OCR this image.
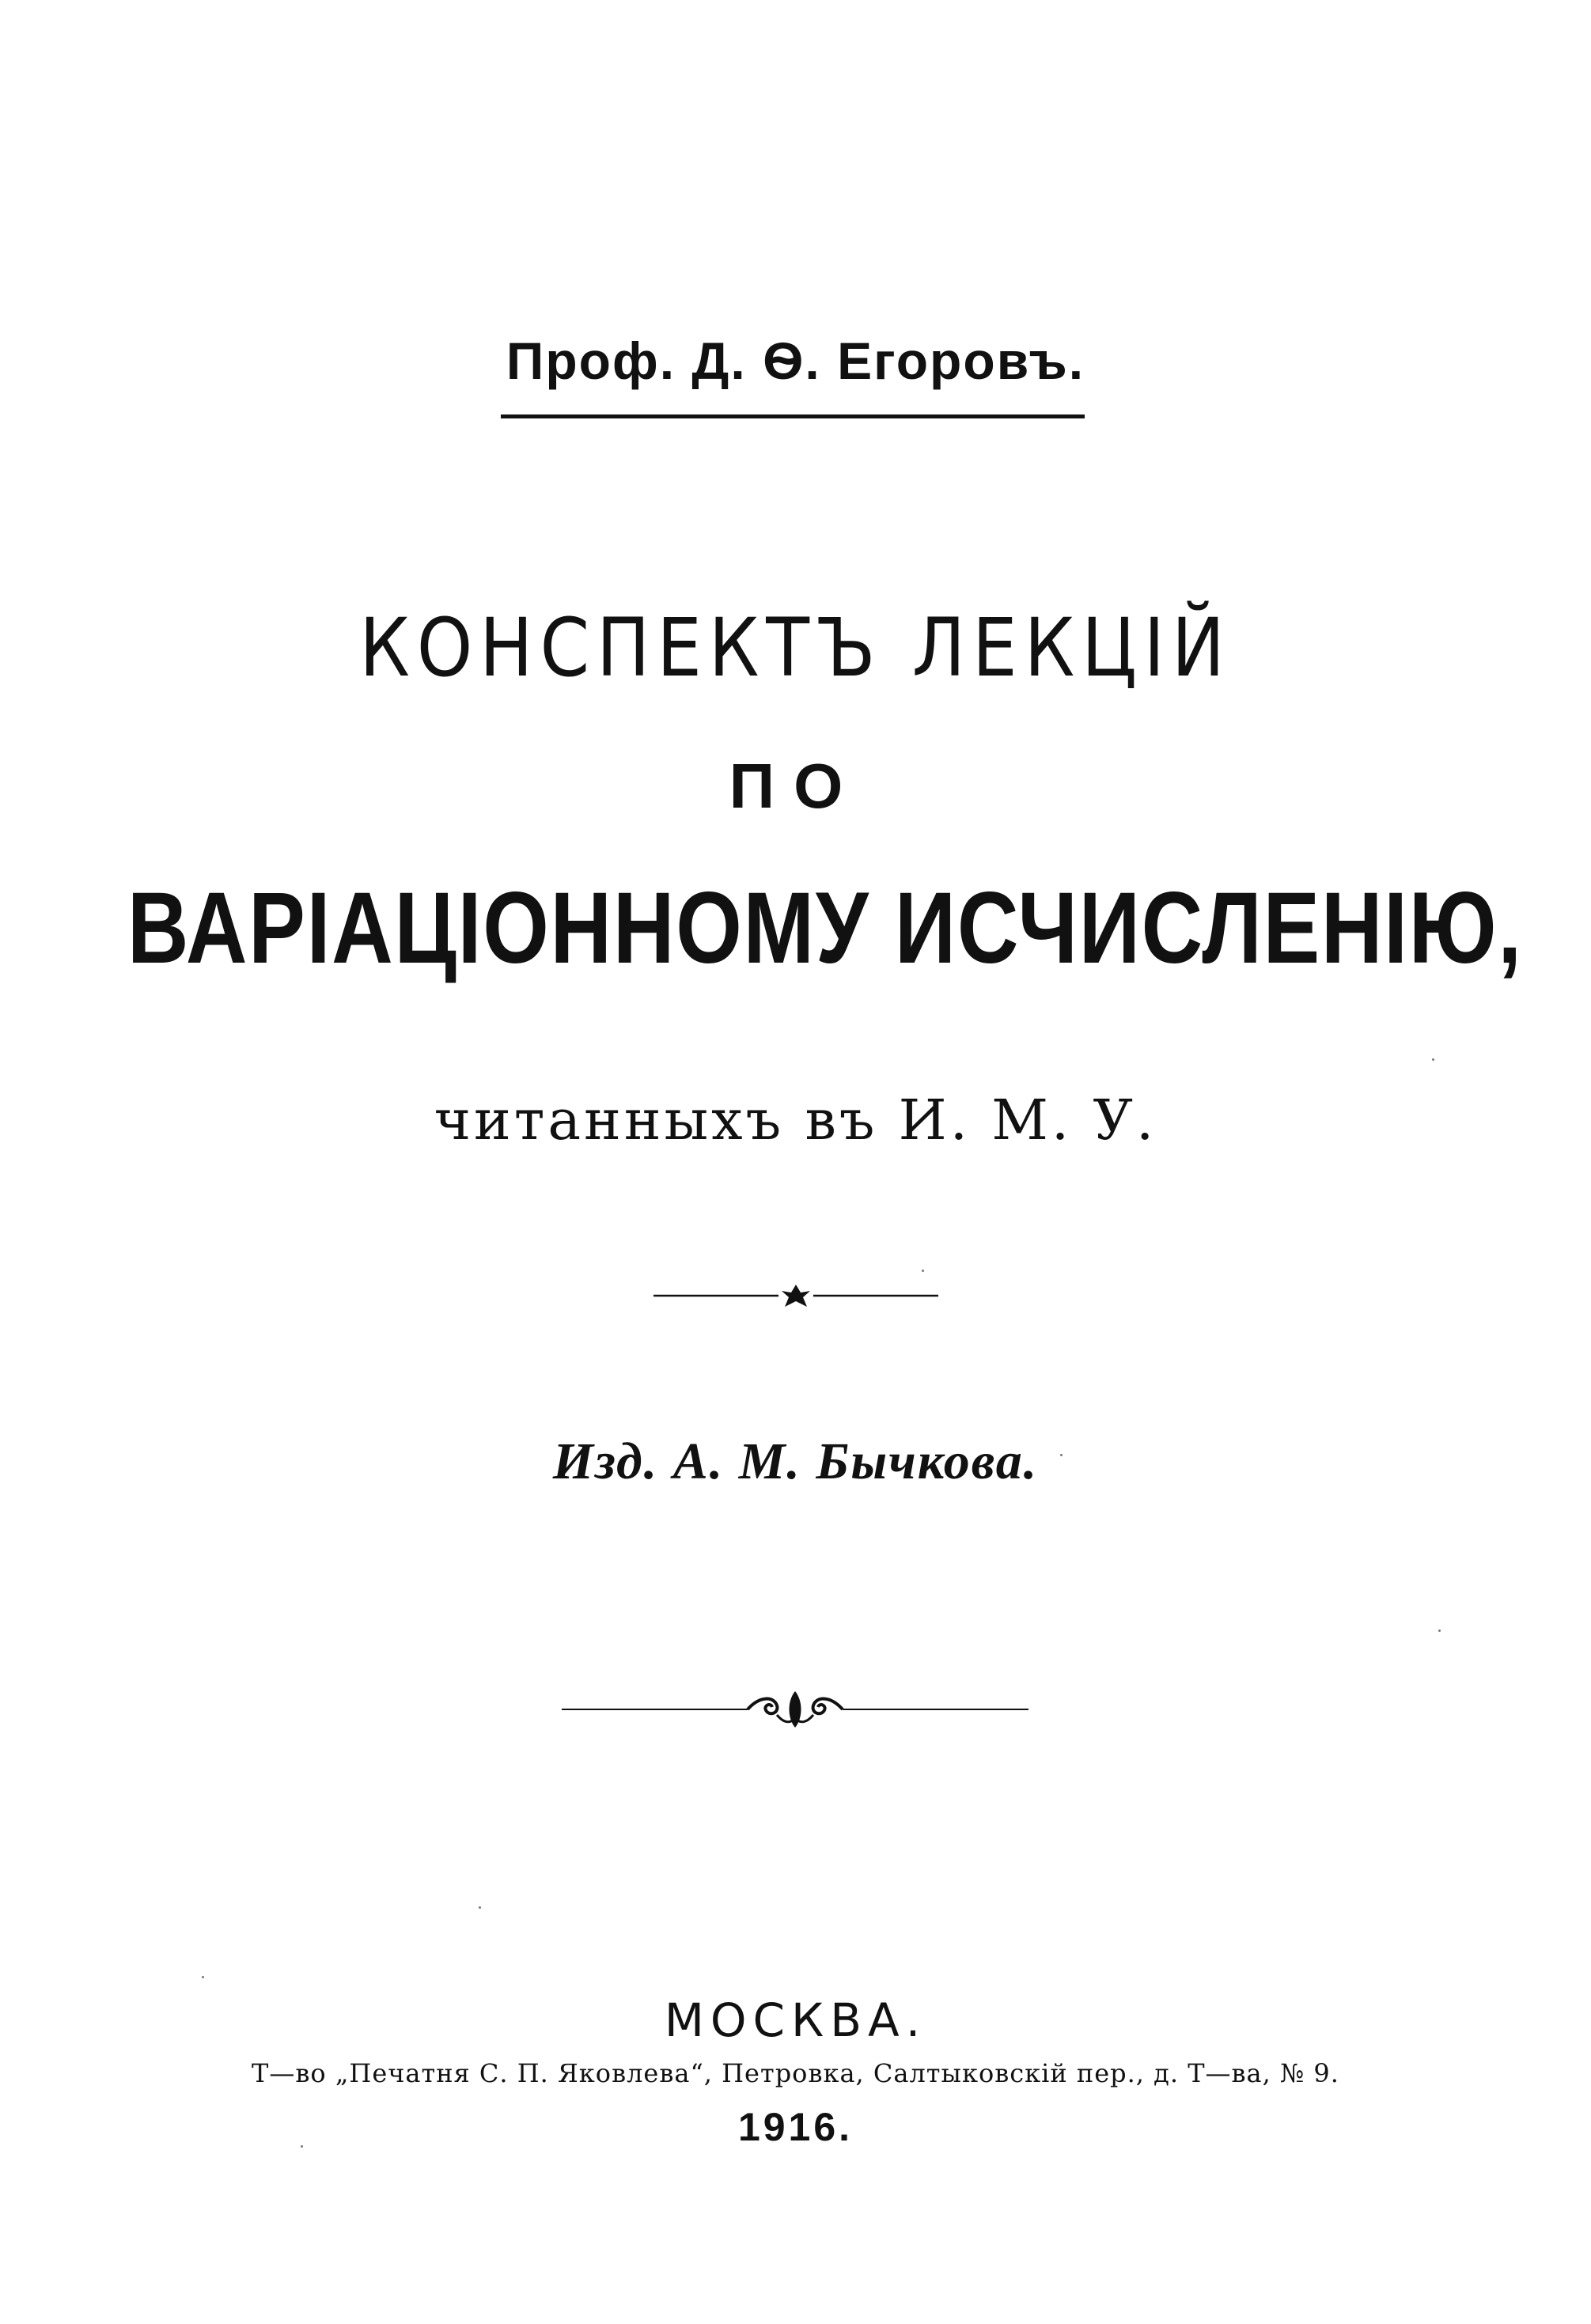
Проф. Д. Ѳ. Егоровъ.
КОНСПЕКТЪ ЛЕКЦІЙ
ПО
ВАРІАЦІОННОМУ ИСЧИСЛЕНІЮ,
читанныхъ въ И. М. У.
Изд. А. М. Бычкова.
МОСКВА.
Т—во „Печатня С. П. Яковлева“, Петровка, Салтыковскій пер., д. Т—ва, № 9.
1916.
